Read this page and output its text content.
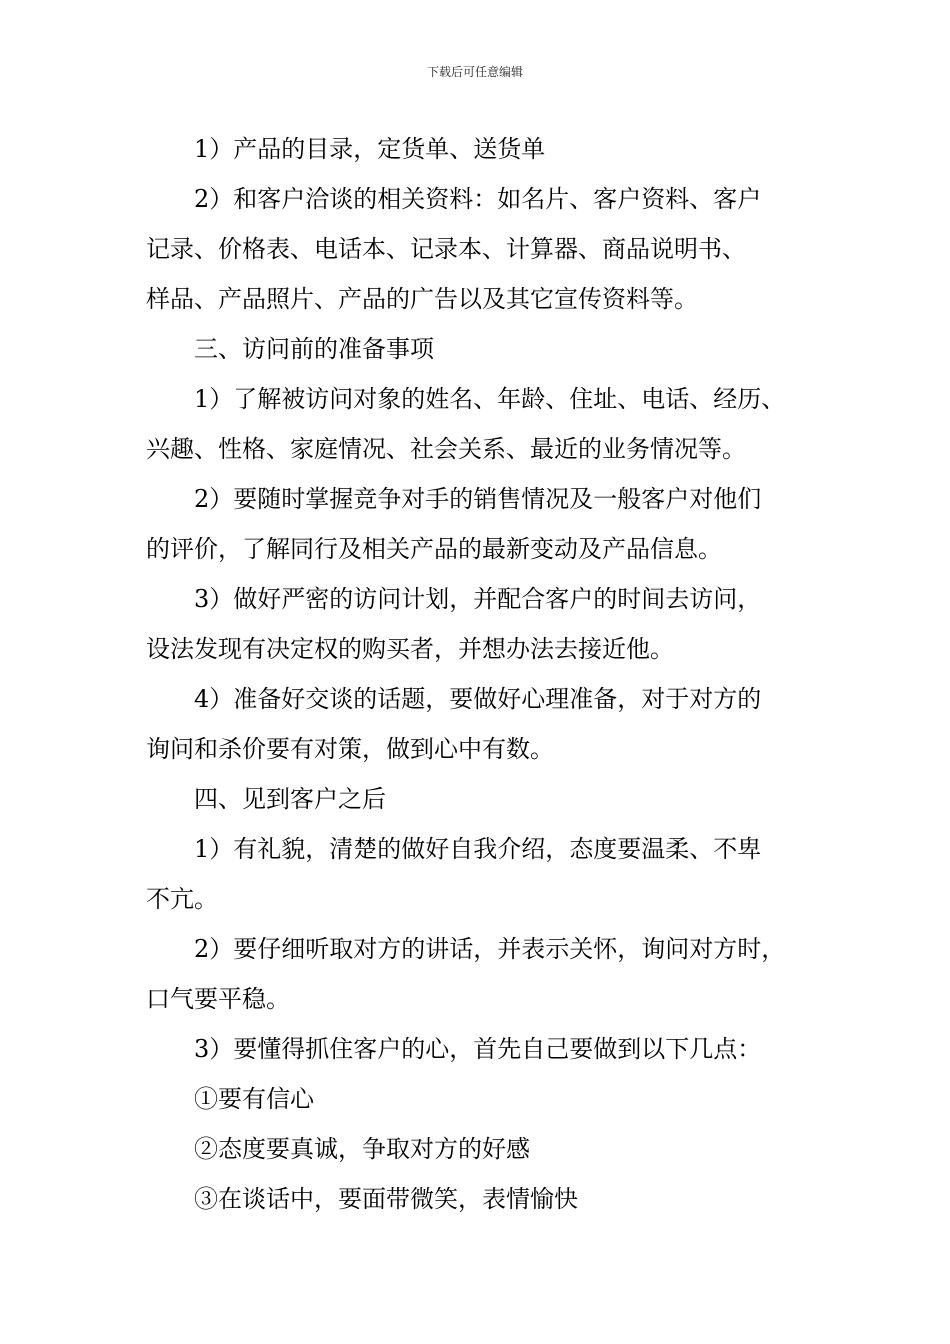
下载后可任意编辑
1）产品的目录，定货单、送货单
2）和客户洽谈的相关资料：如名片、客户资料、客户
记录、价格表、电话本、记录本、计算器、商品说明书、
样品、产品照片、产品的广告以及其它宣传资料等。
三、访问前的准备事项
1）了解被访问对象的姓名、年龄、住址、电话、经历、
兴趣、性格、家庭情况、社会关系、最近的业务情况等。
2）要随时掌握竞争对手的销售情况及一般客户对他们
的评价，了解同行及相关产品的最新变动及产品信息。
3）做好严密的访问计划，并配合客户的时间去访问，
设法发现有决定权的购买者，并想办法去接近他。
4）准备好交谈的话题，要做好心理准备，对于对方的
询问和杀价要有对策，做到心中有数。
四、见到客户之后
1）有礼貌，清楚的做好自我介绍，态度要温柔、不卑
不亢。
2）要仔细听取对方的讲话，并表示关怀，询问对方时，
口气要平稳。
3）要懂得抓住客户的心，首先自己要做到以下几点：
①要有信心
②态度要真诚，争取对方的好感
③在谈话中，要面带微笑，表情愉快
